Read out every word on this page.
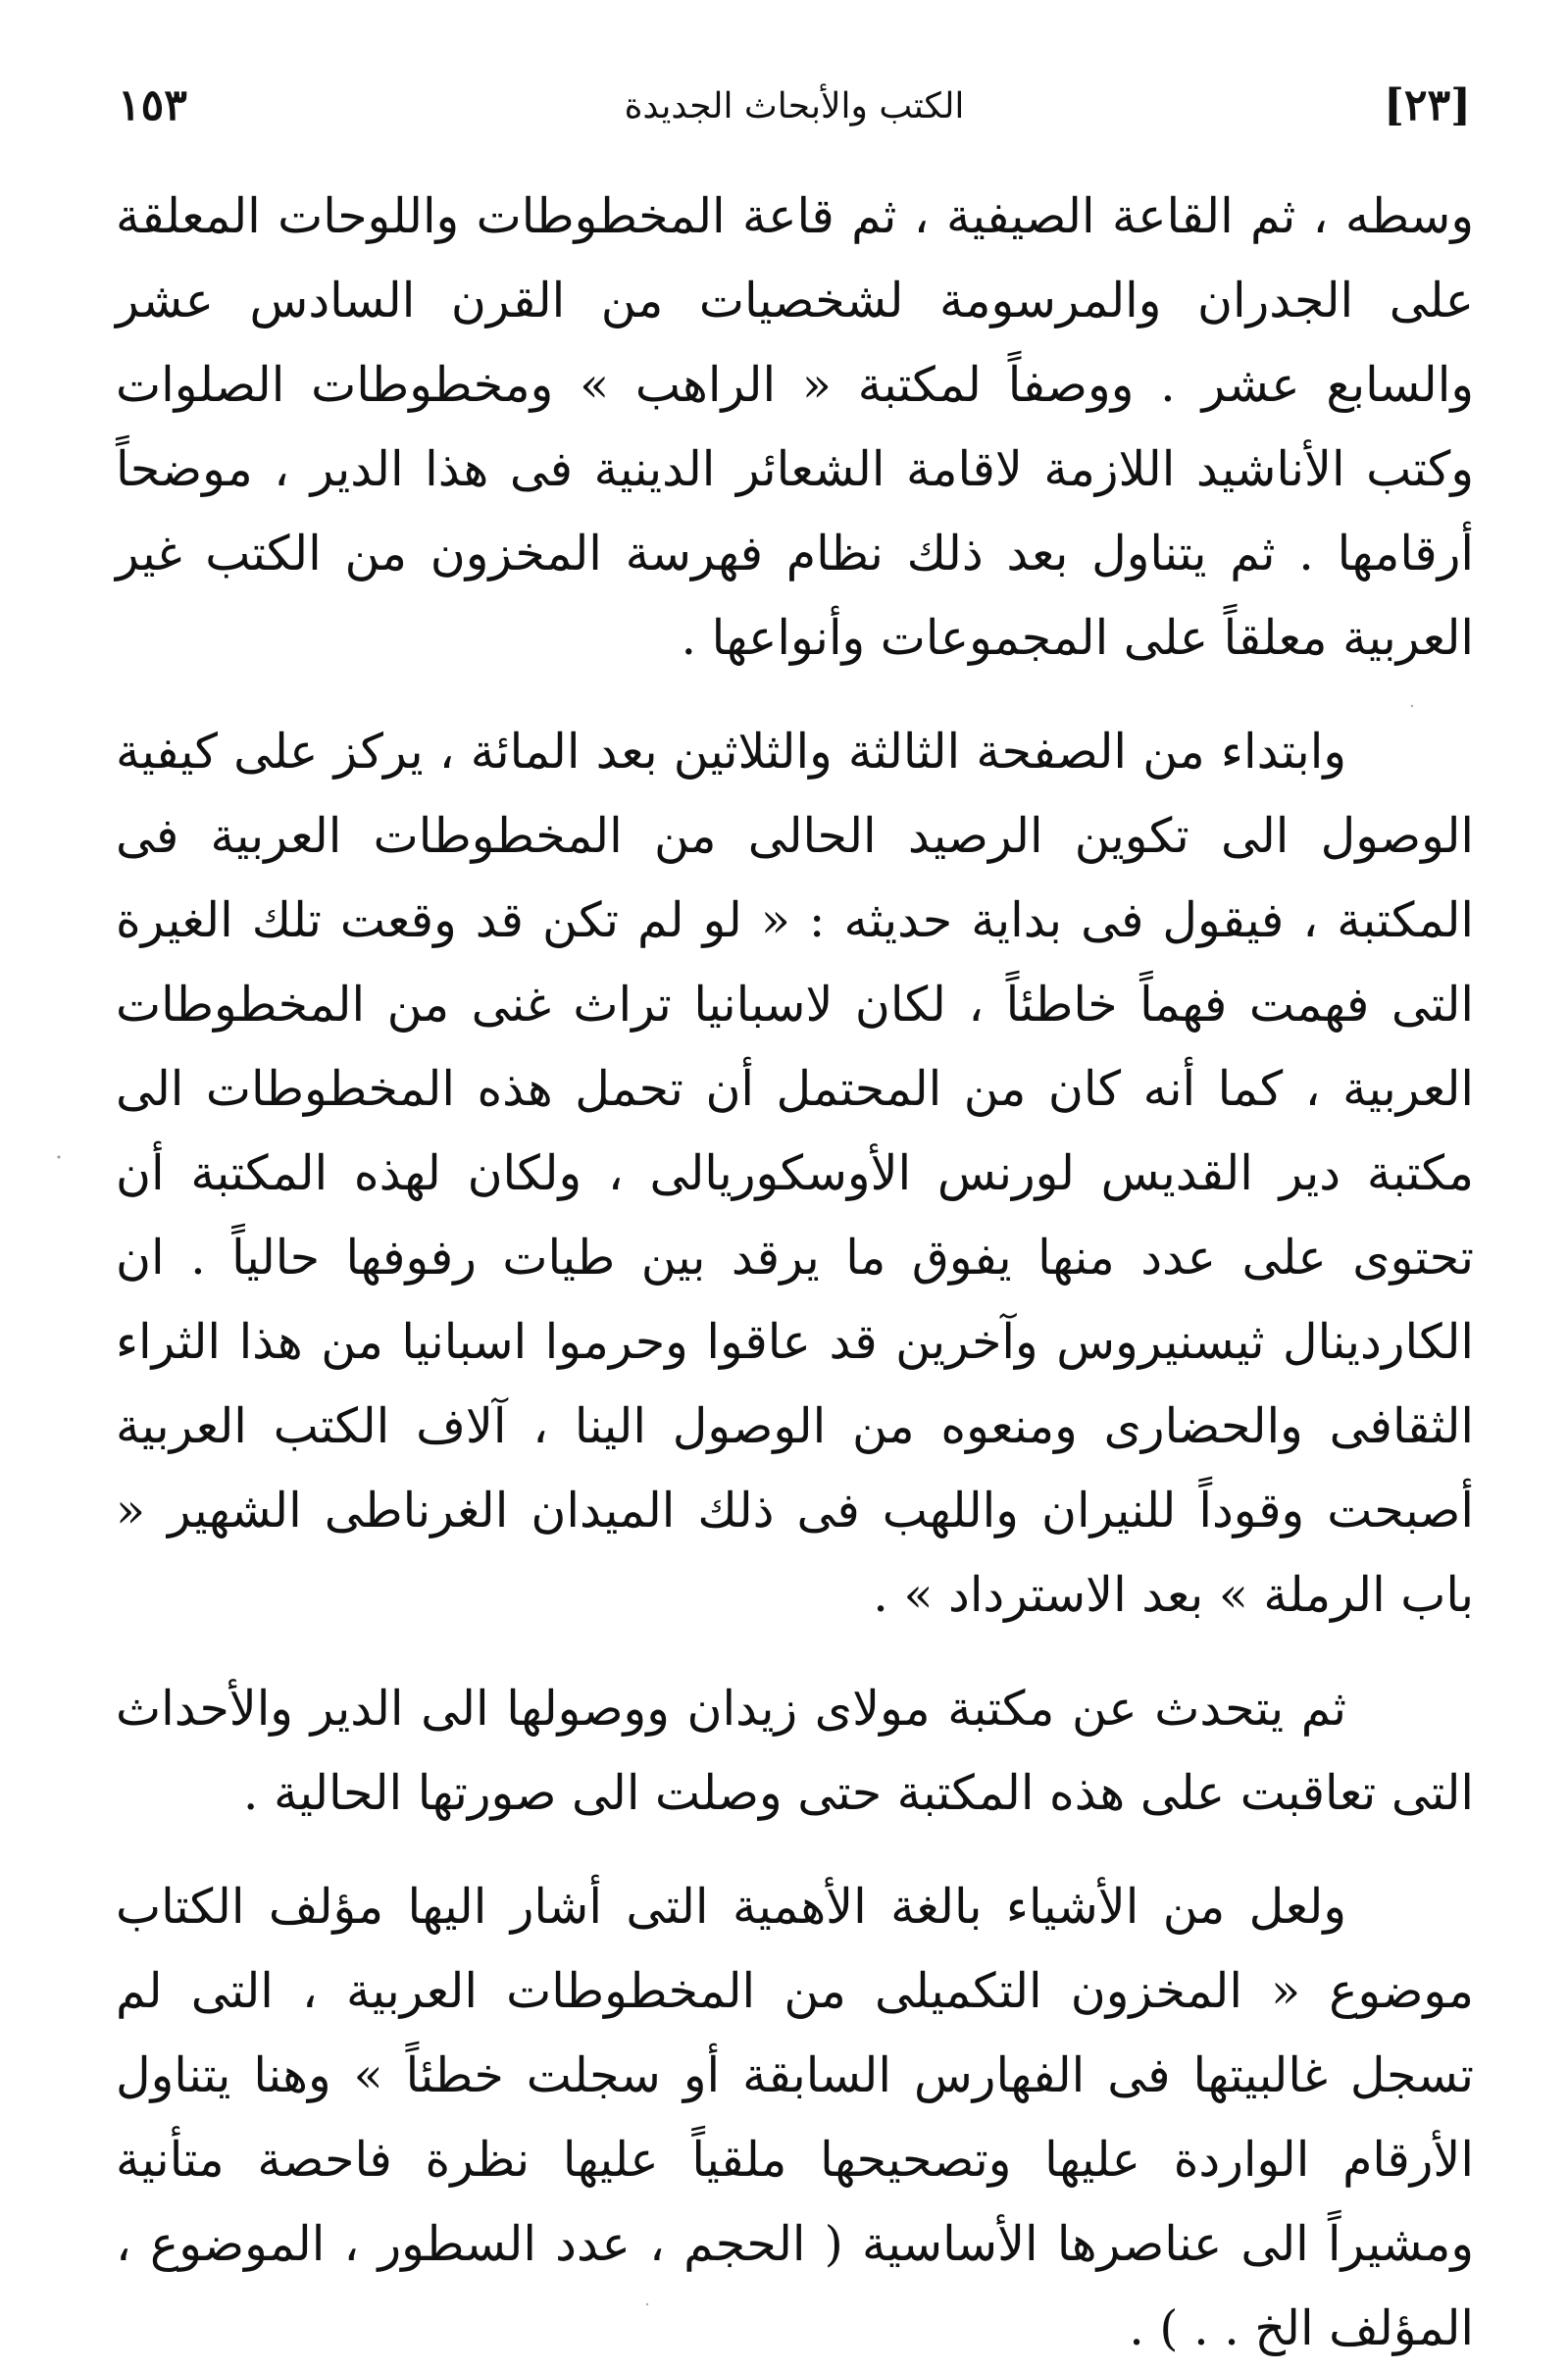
[٢٣]
الكتب والأبحاث الجديدة
١٥٣

وسطه ، ثم القاعة الصيفية ، ثم قاعة المخطوطات واللوحات المعلقة على الجدران والمرسومة لشخصيات من القرن السادس عشر والسابع عشر . ووصفاً لمكتبة « الراهب » ومخطوطات الصلوات وكتب الأناشيد اللازمة لاقامة الشعائر الدينية فى هذا الدير ، موضحاً أرقامها . ثم يتناول بعد ذلك نظام فهرسة المخزون من الكتب غير العربية معلقاً على المجموعات وأنواعها .

وابتداء من الصفحة الثالثة والثلاثين بعد المائة ، يركز على كيفية الوصول الى تكوين الرصيد الحالى من المخطوطات العربية فى المكتبة ، فيقول فى بداية حديثه : « لو لم تكن قد وقعت تلك الغيرة التى فهمت فهماً خاطئاً ، لكان لاسبانيا تراث غنى من المخطوطات العربية ، كما أنه كان من المحتمل أن تحمل هذه المخطوطات الى مكتبة دير القديس لورنس الأوسكوريالى ، ولكان لهذه المكتبة أن تحتوى على عدد منها يفوق ما يرقد بين طيات رفوفها حالياً . ان الكاردينال ثيسنيروس وآخرين قد عاقوا وحرموا اسبانيا من هذا الثراء الثقافى والحضارى ومنعوه من الوصول الينا ، آلاف الكتب العربية أصبحت وقوداً للنيران واللهب فى ذلك الميدان الغرناطى الشهير « باب الرملة » بعد الاسترداد » .

ثم يتحدث عن مكتبة مولاى زيدان ووصولها الى الدير والأحداث التى تعاقبت على هذه المكتبة حتى وصلت الى صورتها الحالية .

ولعل من الأشياء بالغة الأهمية التى أشار اليها مؤلف الكتاب موضوع « المخزون التكميلى من المخطوطات العربية ، التى لم تسجل غالبيتها فى الفهارس السابقة أو سجلت خطئاً » وهنا يتناول الأرقام الواردة عليها وتصحيحها ملقياً عليها نظرة فاحصة متأنية ومشيراً الى عناصرها الأساسية ( الحجم ، عدد السطور ، الموضوع ، المؤلف الخ . . ) .
